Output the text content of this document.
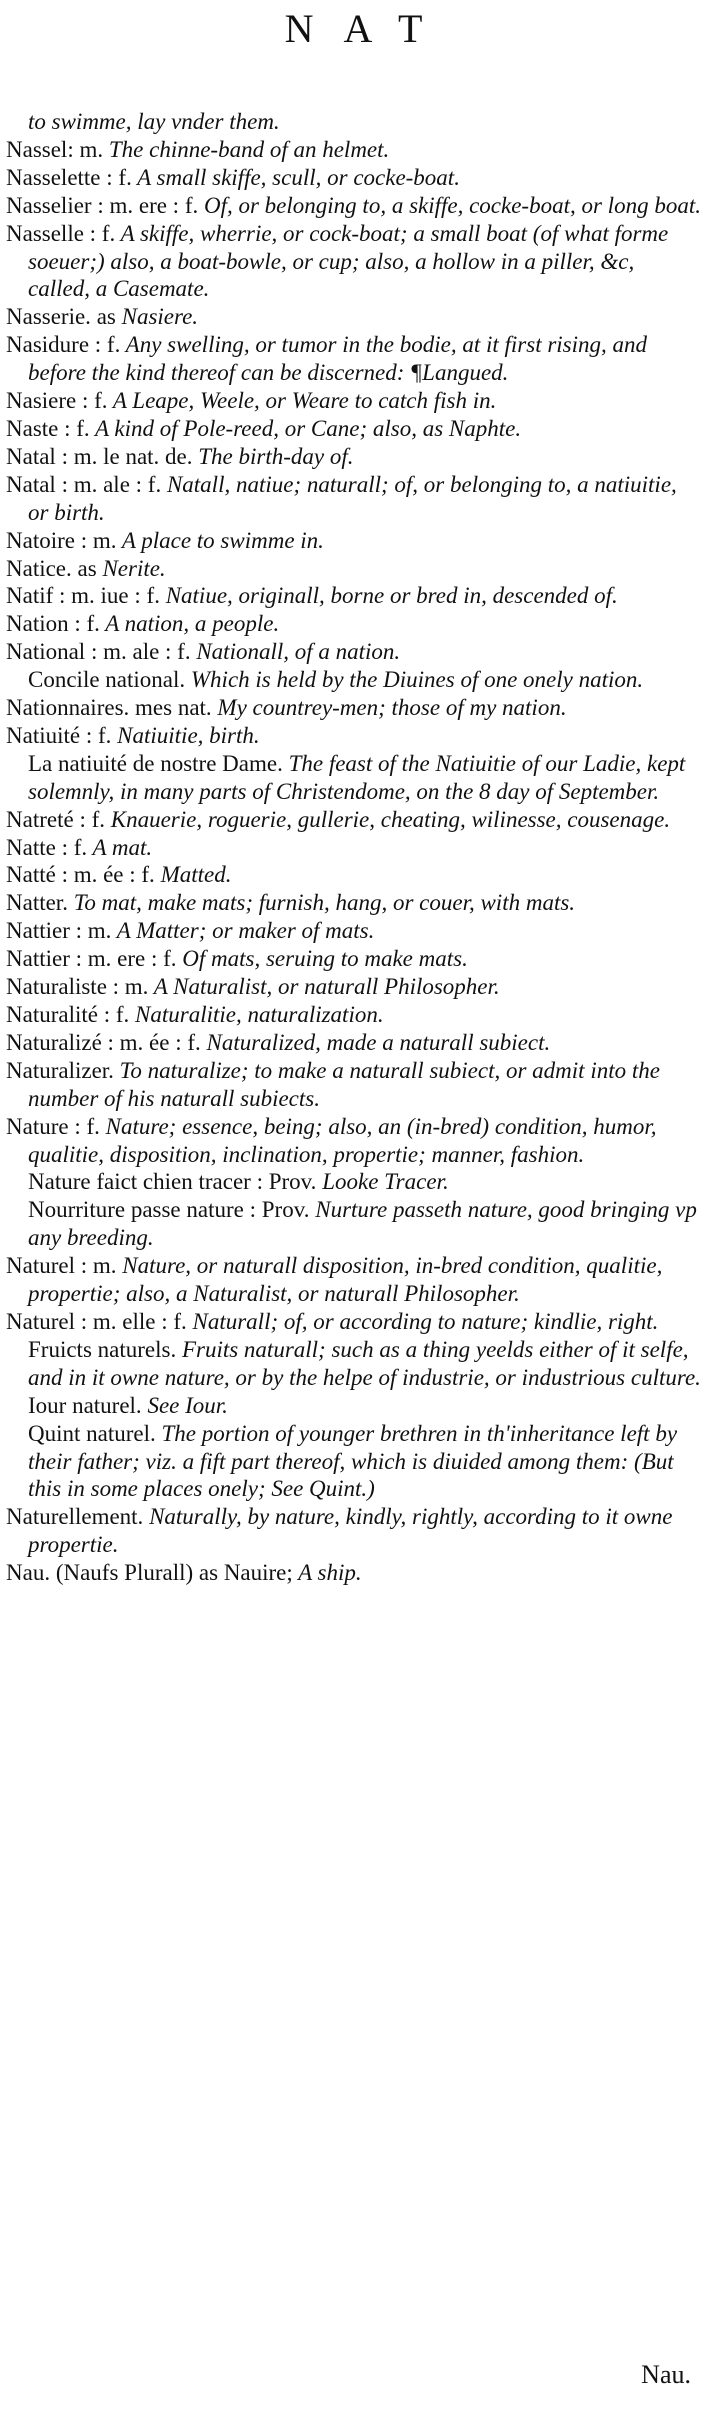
NAT

to swimme, lay vnder them.

Nassel: m. The chinne-band of an helmet.

Nasselette : f. A small skiffe, scull, or cocke-boat.

Nasselier : m. ere : f. Of, or belonging to, a skiffe, cocke-boat, or long boat.

Nasselle : f. A skiffe, wherrie, or cock-boat; a small boat (of what forme soeuer;) also, a boat-bowle, or cup; also, a hollow in a piller, &c, called, a Casemate.

Nasserie. as Nasiere.

Nasidure : f. Any swelling, or tumor in the bodie, at it first rising, and before the kind thereof can be discerned: ¶Langued.

Nasiere : f. A Leape, Weele, or Weare to catch fish in.

Naste : f. A kind of Pole-reed, or Cane; also, as Naphte.

Natal : m. le nat. de. The birth-day of.

Natal : m. ale : f. Natall, natiue; naturall; of, or belonging to, a natiuitie, or birth.

Natoire : m. A place to swimme in.

Natice. as Nerite.

Natif : m. iue : f. Natiue, originall, borne or bred in, descended of.

Nation : f. A nation, a people.

National : m. ale : f. Nationall, of a nation.

Concile national. Which is held by the Diuines of one onely nation.

Nationnaires. mes nat. My countrey-men; those of my nation.

Natiuité : f. Natiuitie, birth.

La natiuité de nostre Dame. The feast of the Natiuitie of our Ladie, kept solemnly, in many parts of Christendome, on the 8 day of September.

Natreté : f. Knauerie, roguerie, gullerie, cheating, wilinesse, cousenage.

Natte : f. A mat.

Natté : m. ée : f. Matted.

Natter. To mat, make mats; furnish, hang, or couer, with mats.

Nattier : m. A Matter; or maker of mats.

Nattier : m. ere : f. Of mats, seruing to make mats.

Naturaliste : m. A Naturalist, or naturall Philosopher.

Naturalité : f. Naturalitie, naturalization.

Naturalizé : m. ée : f. Naturalized, made a naturall subiect.

Naturalizer. To naturalize; to make a naturall subiect, or admit into the number of his naturall subiects.

Nature : f. Nature; essence, being; also, an (in-bred) condition, humor, qualitie, disposition, inclination, propertie; manner, fashion.

Nature faict chien tracer : Prov. Looke Tracer.

Nourriture passe nature : Prov. Nurture passeth nature, good bringing vp any breeding.

Naturel : m. Nature, or naturall disposition, in-bred condition, qualitie, propertie; also, a Naturalist, or naturall Philosopher.

Naturel : m. elle : f. Naturall; of, or according to nature; kindlie, right.

Fruicts naturels. Fruits naturall; such as a thing yeelds either of it selfe, and in it owne nature, or by the helpe of industrie, or industrious culture.

Iour naturel. See Iour.

Quint naturel. The portion of younger brethren in th'inheritance left by their father; viz. a fift part thereof, which is diuided among them: (But this in some places onely; See Quint.)

Naturellement. Naturally, by nature, kindly, rightly, according to it owne propertie.

Nau. (Naufs Plurall) as Nauire; A ship.

Nau.
